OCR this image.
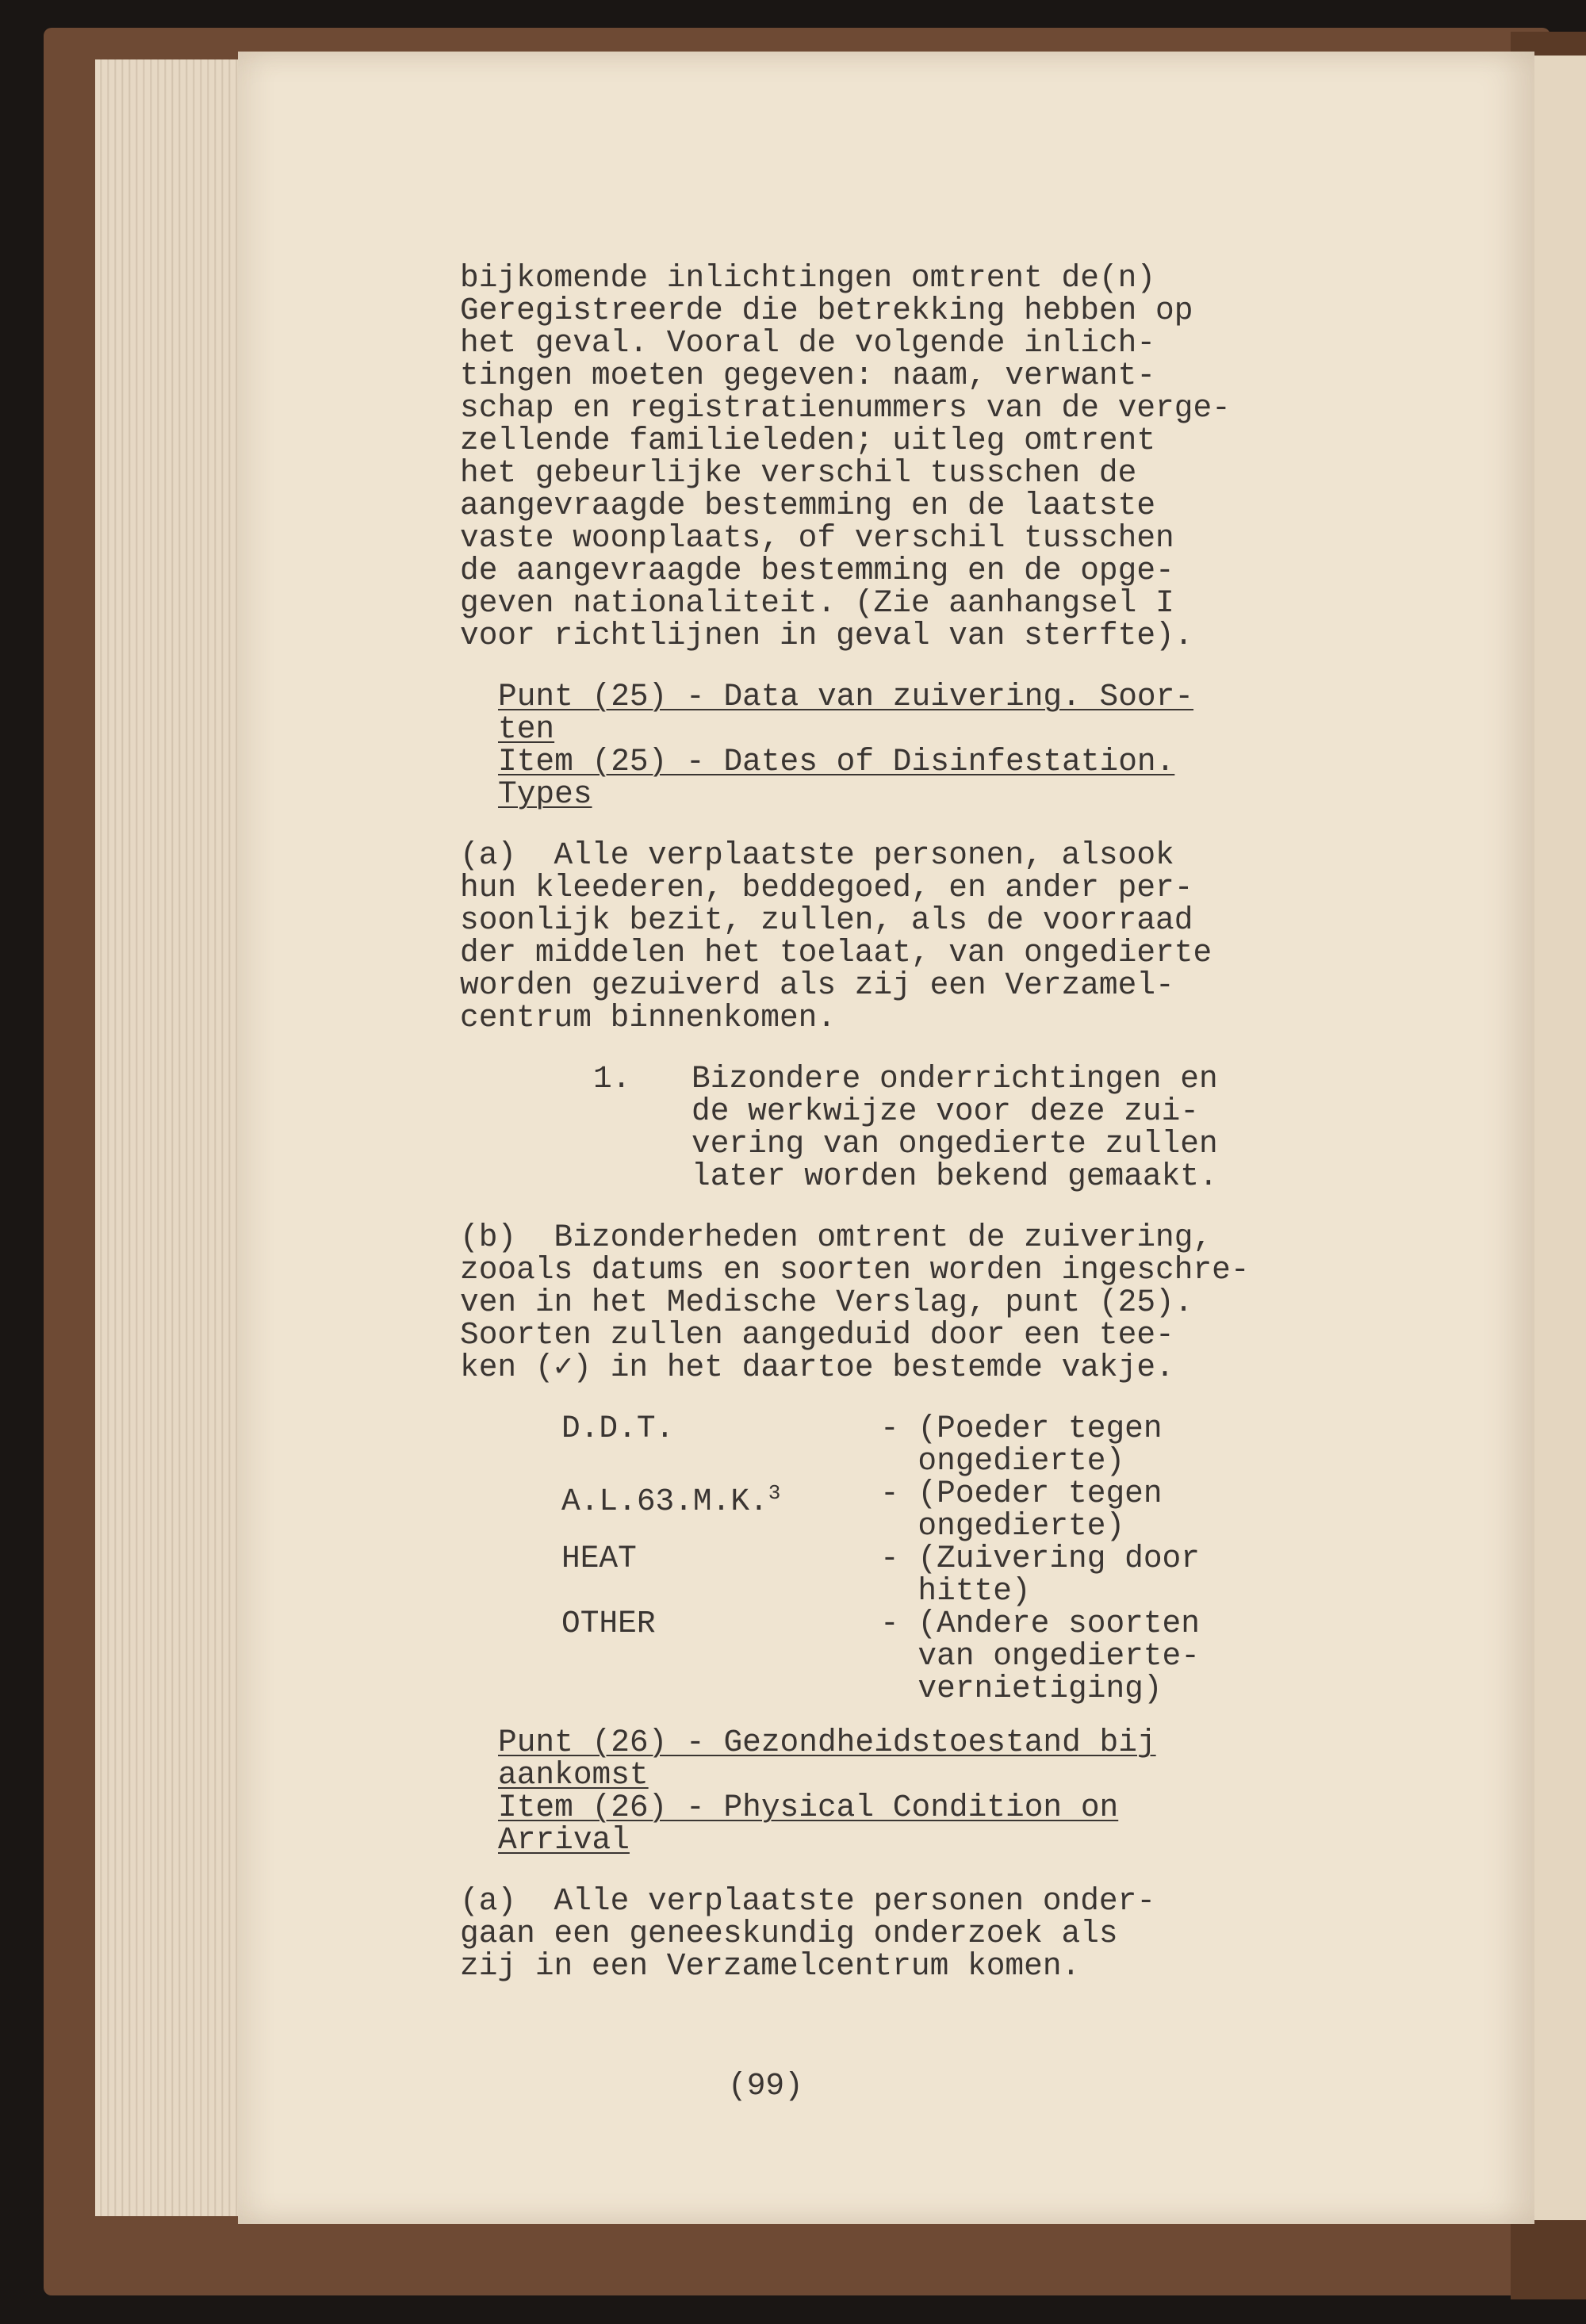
bijkomende inlichtingen omtrent de(n)
Geregistreerde die betrekking hebben op
het geval. Vooral de volgende inlich-
tingen moeten gegeven: naam, verwant-
schap en registratienummers van de verge-
zellende familieleden; uitleg omtrent
het gebeurlijke verschil tusschen de
aangevraagde bestemming en de laatste
vaste woonplaats, of verschil tusschen
de aangevraagde bestemming en de opge-
geven nationaliteit. (Zie aanhangsel I
voor richtlijnen in geval van sterfte).
Punt (25) - Data van zuivering. Soor-
ten
Item (25) - Dates of Disinfestation.
Types
(a)  Alle verplaatste personen, alsook
hun kleederen, beddegoed, en ander per-
soonlijk bezit, zullen, als de voorraad
der middelen het toelaat, van ongedierte
worden gezuiverd als zij een Verzamel-
centrum binnenkomen.
1. Bizondere onderrichtingen en
de werkwijze voor deze zui-
vering van ongedierte zullen
later worden bekend gemaakt.
(b)  Bizonderheden omtrent de zuivering,
zooals datums en soorten worden ingeschre-
ven in het Medische Verslag, punt (25).
Soorten zullen aangeduid door een tee-
ken (✓) in het daartoe bestemde vakje.
D.D.T.	- (Poeder tegen
ongedierte)
A.L.63.M.K.$^3$	- (Poeder tegen
ongedierte)
HEAT	- (Zuivering door
hitte)
OTHER	- (Andere soorten
van ongedierte-
vernietiging)
Punt (26) - Gezondheidstoestand bij
aankomst
Item (26) - Physical Condition on
Arrival
(a)  Alle verplaatste personen onder-
gaan een geneeskundig onderzoek als
zij in een Verzamelcentrum komen.
(99)
